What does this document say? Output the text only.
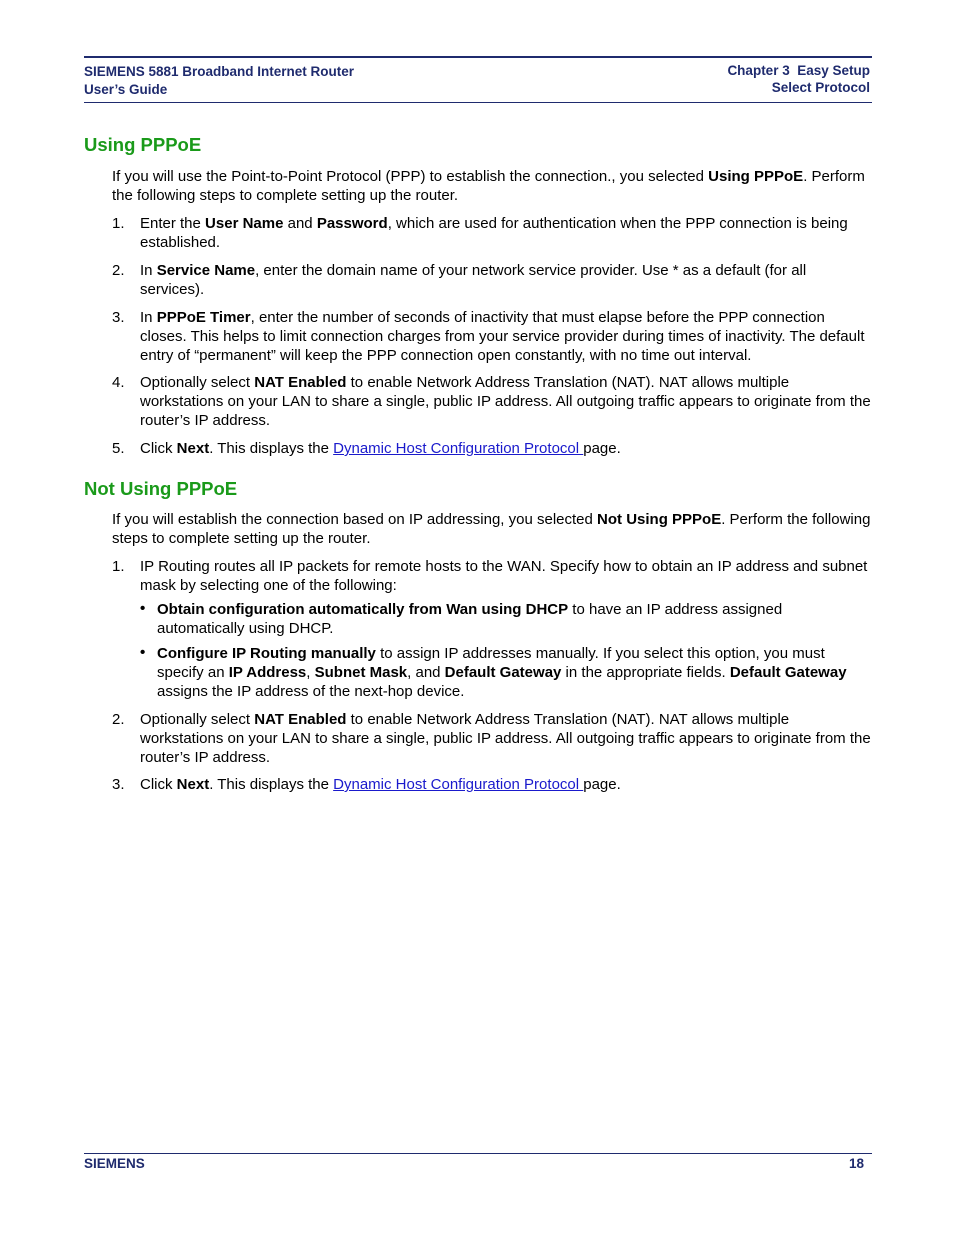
SIEMENS 5881 Broadband Internet Router
User’s Guide
Chapter 3  Easy Setup
Select Protocol
Using PPPoE
If you will use the Point-to-Point Protocol (PPP) to establish the connection., you selected Using PPPoE. Perform the following steps to complete setting up the router.
1. Enter the User Name and Password, which are used for authentication when the PPP connection is being established.
2. In Service Name, enter the domain name of your network service provider. Use * as a default (for all services).
3. In PPPoE Timer, enter the number of seconds of inactivity that must elapse before the PPP connection closes. This helps to limit connection charges from your service provider during times of inactivity. The default entry of “permanent” will keep the PPP connection open constantly, with no time out interval.
4. Optionally select NAT Enabled to enable Network Address Translation (NAT). NAT allows multiple workstations on your LAN to share a single, public IP address. All outgoing traffic appears to originate from the router’s IP address.
5. Click Next. This displays the Dynamic Host Configuration Protocol page.
Not Using PPPoE
If you will establish the connection based on IP addressing, you selected Not Using PPPoE. Perform the following steps to complete setting up the router.
1. IP Routing routes all IP packets for remote hosts to the WAN. Specify how to obtain an IP address and subnet mask by selecting one of the following:
• Obtain configuration automatically from Wan using DHCP to have an IP address assigned automatically using DHCP.
• Configure IP Routing manually to assign IP addresses manually. If you select this option, you must specify an IP Address, Subnet Mask, and Default Gateway in the appropriate fields. Default Gateway assigns the IP address of the next-hop device.
2. Optionally select NAT Enabled to enable Network Address Translation (NAT). NAT allows multiple workstations on your LAN to share a single, public IP address. All outgoing traffic appears to originate from the router’s IP address.
3. Click Next. This displays the Dynamic Host Configuration Protocol page.
SIEMENS	18
